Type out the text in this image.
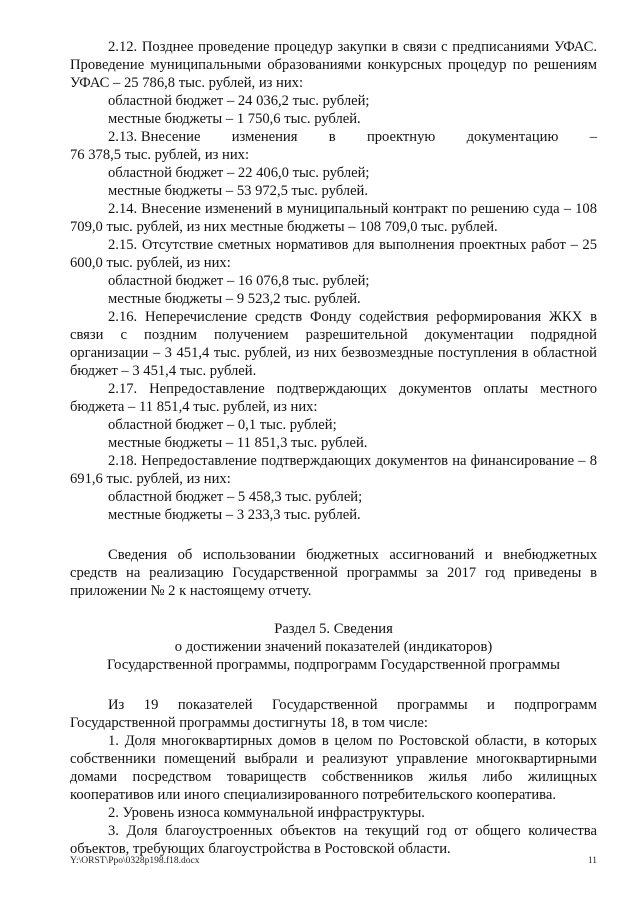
2.12. Позднее проведение процедур закупки в связи с предписаниями УФАС. Проведение муниципальными образованиями конкурсных процедур по решениям УФАС – 25 786,8 тыс. рублей, из них:

областной бюджет – 24 036,2 тыс. рублей;

местные бюджеты – 1 750,6 тыс. рублей.

2.13. Внесение изменения в проектную документацию –

76 378,5 тыс. рублей, из них:

областной бюджет – 22 406,0 тыс. рублей;

местные бюджеты – 53 972,5 тыс. рублей.

2.14. Внесение изменений в муниципальный контракт по решению суда – 108 709,0 тыс. рублей, из них местные бюджеты – 108 709,0 тыс. рублей.

2.15. Отсутствие сметных нормативов для выполнения проектных работ – 25 600,0 тыс. рублей, из них:

областной бюджет – 16 076,8 тыс. рублей;

местные бюджеты – 9 523,2 тыс. рублей.

2.16. Неперечисление средств Фонду содействия реформирования ЖКХ в связи с поздним получением разрешительной документации подрядной организации – 3 451,4 тыс. рублей, из них безвозмездные поступления в областной бюджет – 3 451,4 тыс. рублей.

2.17. Непредоставление подтверждающих документов оплаты местного бюджета – 11 851,4 тыс. рублей, из них:

областной бюджет – 0,1 тыс. рублей;

местные бюджеты – 11 851,3 тыс. рублей.

2.18. Непредоставление подтверждающих документов на финансирование – 8 691,6 тыс. рублей, из них:

областной бюджет – 5 458,3 тыс. рублей;

местные бюджеты – 3 233,3 тыс. рублей.

Сведения об использовании бюджетных ассигнований и внебюджетных средств на реализацию Государственной программы за 2017 год приведены в приложении № 2 к настоящему отчету.

Раздел 5. Сведения
о достижении значений показателей (индикаторов)
Государственной программы, подпрограмм Государственной программы

Из 19 показателей Государственной программы и подпрограмм Государственной программы достигнуты 18, в том числе:

1. Доля многоквартирных домов в целом по Ростовской области, в которых собственники помещений выбрали и реализуют управление многоквартирными домами посредством товариществ собственников жилья либо жилищных кооперативов или иного специализированного потребительского кооператива.

2. Уровень износа коммунальной инфраструктуры.

3. Доля благоустроенных объектов на текущий год от общего количества объектов, требующих благоустройства в Ростовской области.

Y:\ORST\Ppo\0328p198.f18.docx	11
